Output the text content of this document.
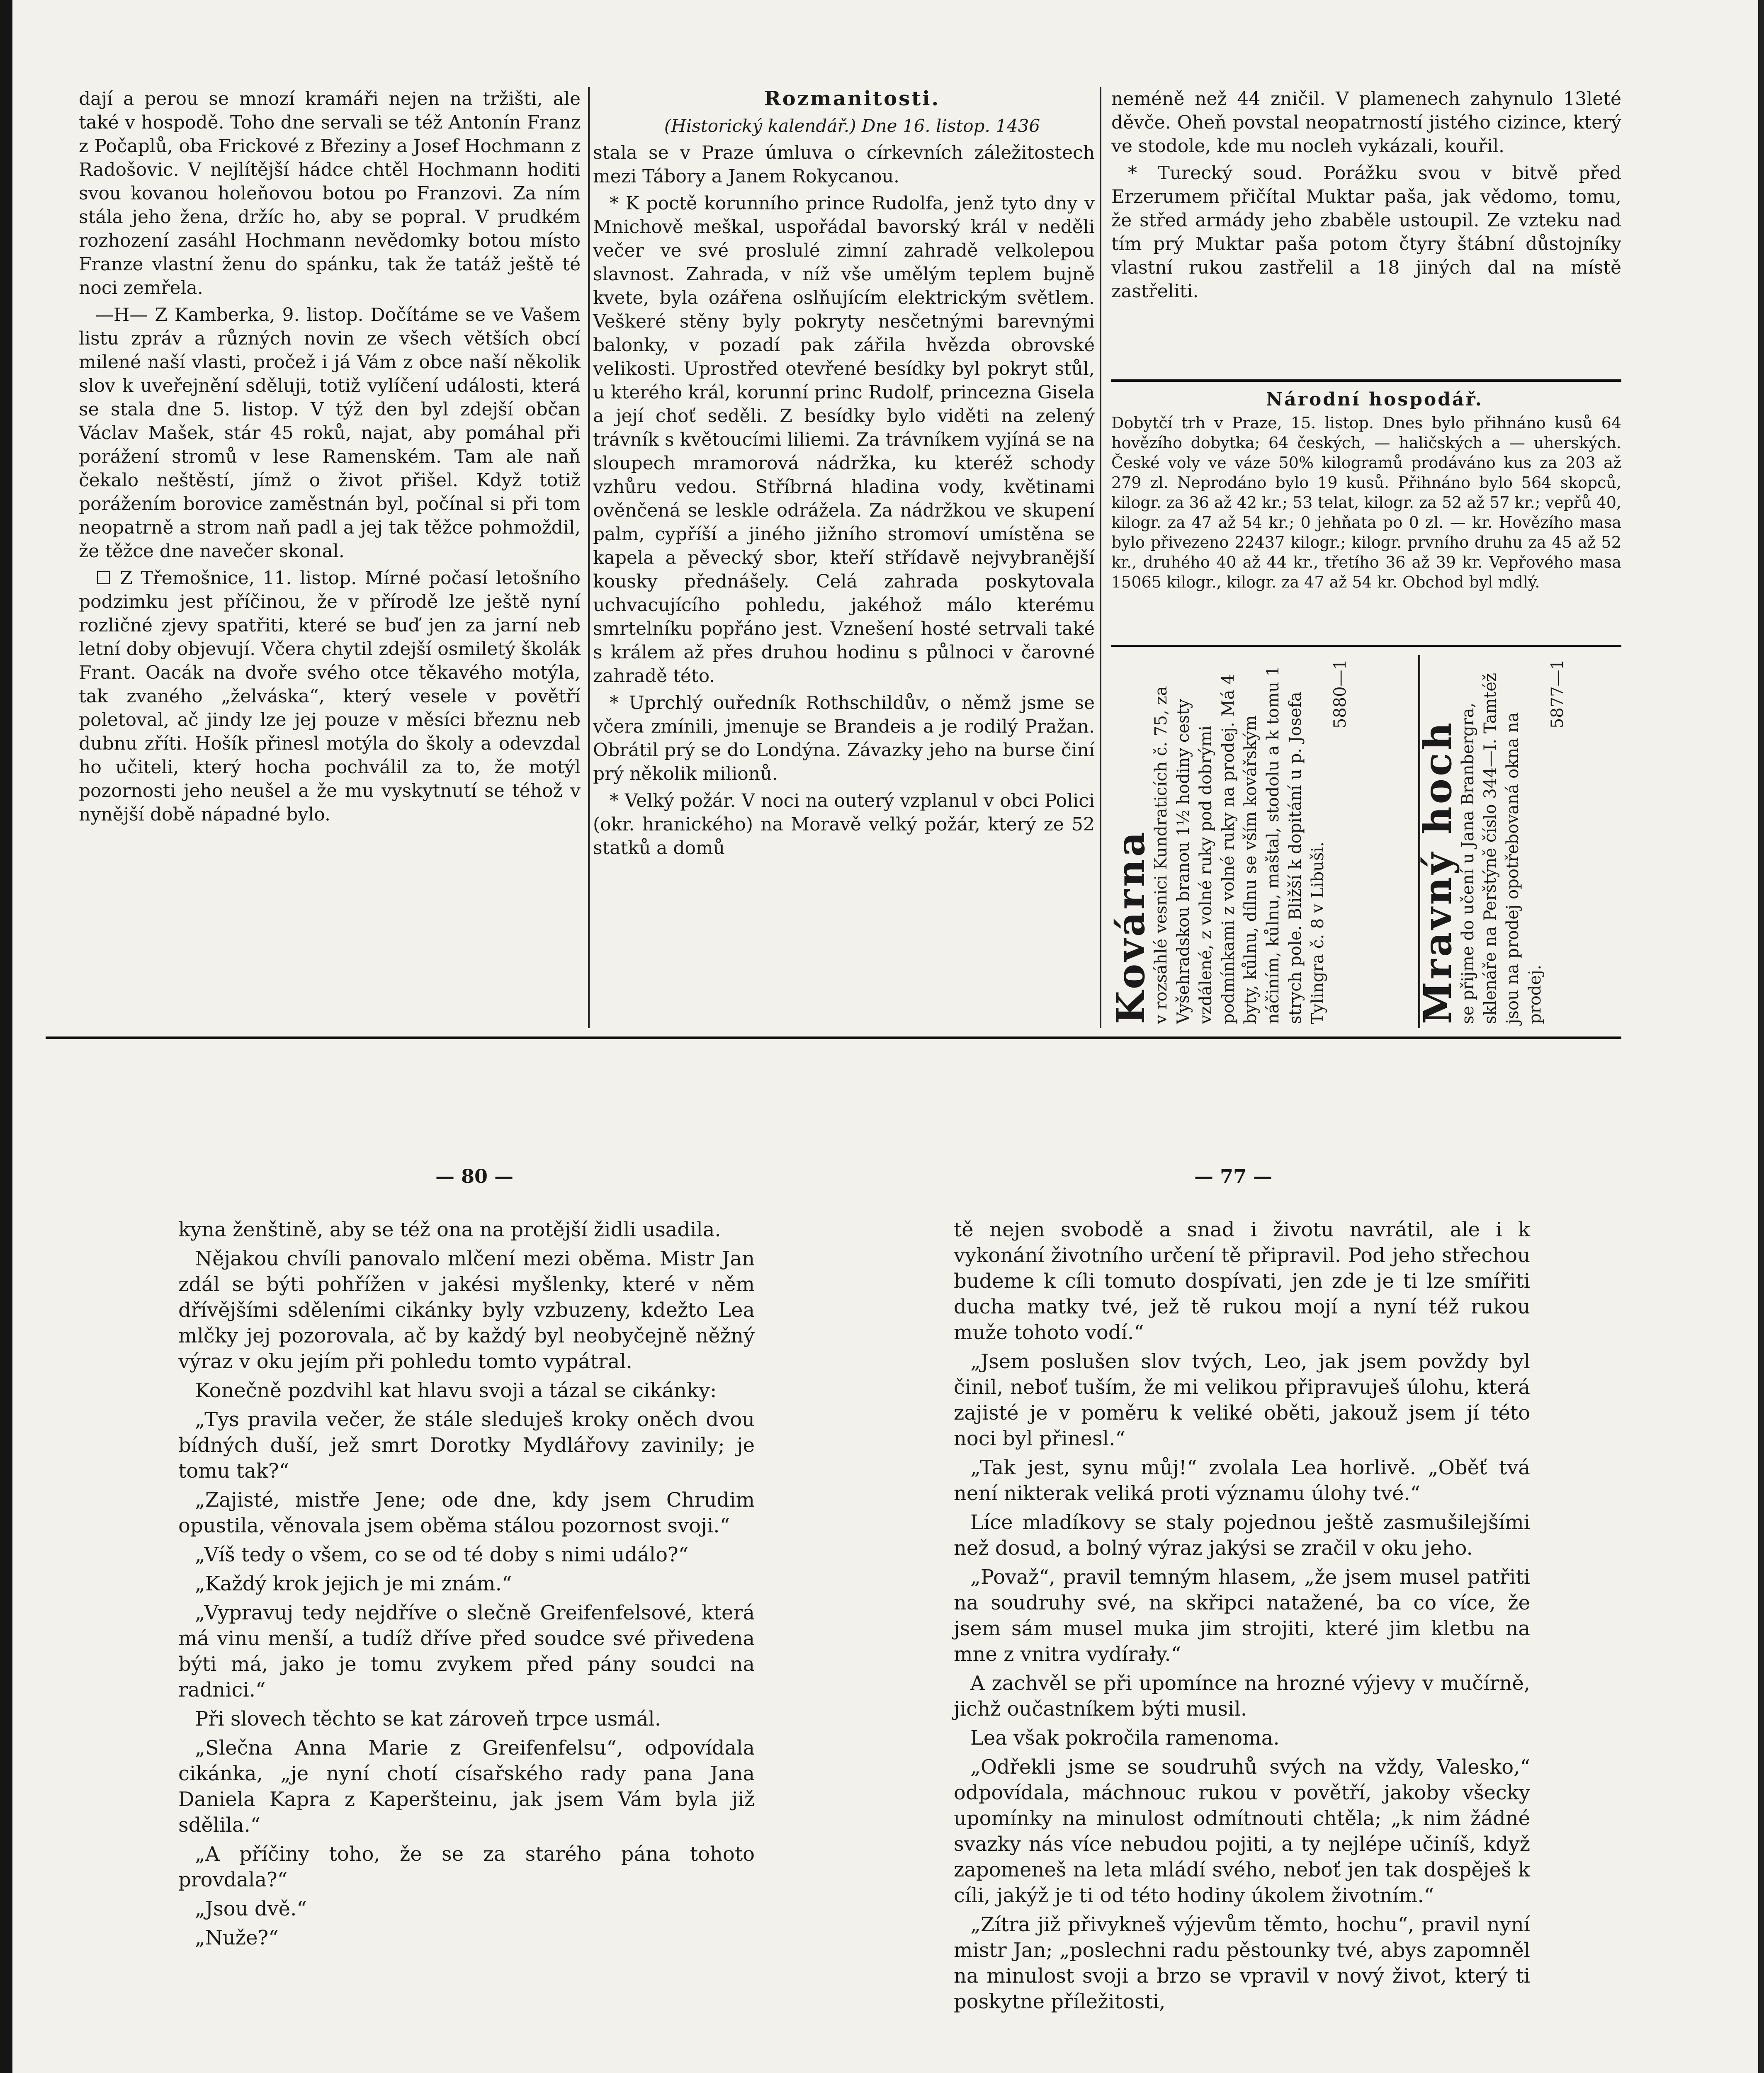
dají a perou se mnozí kramáři nejen na tržišti, ale také v hospodě. Toho dne servali se též Antonín Franz z Počaplů, oba Frickové z Březiny a Josef Hochmann z Radošovic. V nejlítější hádce chtěl Hochmann hoditi svou kovanou holeňovou botou po Franzovi. Za ním stála jeho žena, držíc ho, aby se popral. V prudkém rozhození zasáhl Hochmann nevědomky botou místo Franze vlastní ženu do spánku, tak že tatáž ještě té noci zemřela.

—H— Z Kamberka, 9. listop. Dočítáme se ve Vašem listu zpráv a různých novin ze všech větších obcí milené naší vlasti, pročež i já Vám z obce naší několik slov k uveřejnění sděluji, totiž vylíčení události, která se stala dne 5. listop. V týž den byl zdejší občan Václav Mašek, stár 45 roků, najat, aby pomáhal při porážení stromů v lese Ramenském. Tam ale naň čekalo neštěstí, jímž o život přišel. Když totiž porážením borovice zaměstnán byl, počínal si při tom neopatrně a strom naň padl a jej tak těžce pohmoždil, že těžce dne navečer skonal.

☐ Z Třemošnice, 11. listop. Mírné počasí letošního podzimku jest příčinou, že v přírodě lze ještě nyní rozličné zjevy spatřiti, které se buď jen za jarní neb letní doby objevují. Včera chytil zdejší osmiletý školák Frant. Oacák na dvoře svého otce těkavého motýla, tak zvaného „želváska“, který vesele v povětří poletoval, ač jindy lze jej pouze v měsíci březnu neb dubnu zříti. Hošík přinesl motýla do školy a odevzdal ho učiteli, který hocha pochválil za to, že motýl pozornosti jeho neušel a že mu vyskytnutí se téhož v nynější době nápadné bylo.

Rozmanitosti.

(Historický kalendář.) Dne 16. listop. 1436

stala se v Praze úmluva o církevních záležitostech mezi Tábory a Janem Rokycanou.

* K poctě korunního prince Rudolfa, jenž tyto dny v Mnichově meškal, uspořádal bavorský král v neděli večer ve své proslulé zimní zahradě velkolepou slavnost. Zahrada, v níž vše umělým teplem bujně kvete, byla ozářena oslňujícím elektrickým světlem. Veškeré stěny byly pokryty nesčetnými barevnými balonky, v pozadí pak zářila hvězda obrovské velikosti. Uprostřed otevřené besídky byl pokryt stůl, u kterého král, korunní princ Rudolf, princezna Gisela a její choť seděli. Z besídky bylo viděti na zelený trávník s květoucími liliemi. Za trávníkem vyjíná se na sloupech mramorová nádržka, ku kteréž schody vzhůru vedou. Stříbrná hladina vody, květinami ověnčená se leskle odrážela. Za nádržkou ve skupení palm, cypříší a jiného jižního stromoví umístěna se kapela a pěvecký sbor, kteří střídavě nejvybranější kousky přednášely. Celá zahrada poskytovala uchvacujícího pohledu, jakéhož málo kterému smrtelníku popřáno jest. Vznešení hosté setrvali také s králem až přes druhou hodinu s půlnoci v čarovné zahradě této.

* Uprchlý ouředník Rothschildův, o němž jsme se včera zmínili, jmenuje se Brandeis a je rodilý Pražan. Obrátil prý se do Londýna. Závazky jeho na burse činí prý několik milionů.

* Velký požár. V noci na outerý vzplanul v obci Polici (okr. hranického) na Moravě velký požár, který ze 52 statků a domů

neméně než 44 zničil. V plamenech zahynulo 13leté děvče. Oheň povstal neopatrností jistého cizince, který ve stodole, kde mu nocleh vykázali, kouřil.

* Turecký soud. Porážku svou v bitvě před Erzerumem přičítal Muktar paša, jak vědomo, tomu, že střed armády jeho zbaběle ustoupil. Ze vzteku nad tím prý Muktar paša potom čtyry štábní důstojníky vlastní rukou zastřelil a 18 jiných dal na místě zastřeliti.

Národní hospodář.

Dobytčí trh v Praze, 15. listop. Dnes bylo přihnáno kusů 64 hovězího dobytka; 64 českých, — haličských a — uherských. České voly ve váze 50% kilogramů prodáváno kus za 203 až 279 zl. Neprodáno bylo 19 kusů. Přihnáno bylo 564 skopců, kilogr. za 36 až 42 kr.; 53 telat, kilogr. za 52 až 57 kr.; vepřů 40, kilogr. za 47 až 54 kr.; 0 jehňata po 0 zl. — kr. Hovězího masa bylo přivezeno 22437 kilogr.; kilogr. prvního druhu za 45 až 52 kr., druhého 40 až 44 kr., třetího 36 až 39 kr. Vepřového masa 15065 kilogr., kilogr. za 47 až 54 kr. Obchod byl mdlý.

Kovárna
v rozsáhlé vesnici Kundraticích č. 75, za Vyšehradskou branou 1½ hodiny cesty vzdálené, z volné ruky pod dobrými podmínkami z volné ruky na prodej. Má 4 byty, kůlnu, dílnu se vším kovářským náčiním, kůlnu, maštal, stodolu a k tomu 1 strych pole. Bližší k dopitání u p. Josefa Tylingra č. 8 v Libuši.
5880—1
Mravný hoch
se přijme do učení u Jana Branbergra, sklenáře na Perštýně číslo 344—I. Tamtéž jsou na prodej opotřebovaná okna na prodej.
5877—1
— 80 —	— 77 —

kyna ženštině, aby se též ona na protější židli usadila.

Nějakou chvíli panovalo mlčení mezi oběma. Mistr Jan zdál se býti pohřížen v jakési myšlenky, které v něm dřívějšími sděleními cikánky byly vzbuzeny, kdežto Lea mlčky jej pozorovala, ač by každý byl neobyčejně něžný výraz v oku jejím při pohledu tomto vypátral.

Konečně pozdvihl kat hlavu svoji a tázal se cikánky:

„Tys pravila večer, že stále sleduješ kroky oněch dvou bídných duší, jež smrt Dorotky Mydlářovy zavinily; je tomu tak?“

„Zajisté, mistře Jene; ode dne, kdy jsem Chrudim opustila, věnovala jsem oběma stálou pozornost svoji.“

„Víš tedy o všem, co se od té doby s nimi událo?“

„Každý krok jejich je mi znám.“

„Vypravuj tedy nejdříve o slečně Greifenfelsové, která má vinu menší, a tudíž dříve před soudce své přivedena býti má, jako je tomu zvykem před pány soudci na radnici.“

Při slovech těchto se kat zároveň trpce usmál.

„Slečna Anna Marie z Greifenfelsu“, odpovídala cikánka, „je nyní chotí císařského rady pana Jana Daniela Kapra z Kaperšteinu, jak jsem Vám byla již sdělila.“

„A příčiny toho, že se za starého pána tohoto provdala?“

„Jsou dvě.“

„Nuže?“

tě nejen svobodě a snad i životu navrátil, ale i k vykonání životního určení tě připravil. Pod jeho střechou budeme k cíli tomuto dospívati, jen zde je ti lze smířiti ducha matky tvé, jež tě rukou mojí a nyní též rukou muže tohoto vodí.“

„Jsem poslušen slov tvých, Leo, jak jsem povždy byl činil, neboť tuším, že mi velikou připravuješ úlohu, která zajisté je v poměru k veliké oběti, jakouž jsem jí této noci byl přinesl.“

„Tak jest, synu můj!“ zvolala Lea horlivě. „Oběť tvá není nikterak veliká proti významu úlohy tvé.“

Líce mladíkovy se staly pojednou ještě zasmušilejšími než dosud, a bolný výraz jakýsi se zračil v oku jeho.

„Považ“, pravil temným hlasem, „že jsem musel patřiti na soudruhy své, na skřipci natažené, ba co více, že jsem sám musel muka jim strojiti, které jim kletbu na mne z vnitra vydírały.“

A zachvěl se při upomínce na hrozné výjevy v mučírně, jichž oučastníkem býti musil.

Lea však pokročila ramenoma.

„Odřekli jsme se soudruhů svých na vždy, Valesko,“ odpovídala, máchnouc rukou v povětří, jakoby všecky upomínky na minulost odmítnouti chtěla; „k nim žádné svazky nás více nebudou pojiti, a ty nejlépe učiníš, když zapomeneš na leta mládí svého, neboť jen tak dospěješ k cíli, jakýž je ti od této hodiny úkolem životním.“

„Zítra již přivykneš výjevům těmto, hochu“, pravil nyní mistr Jan; „poslechni radu pěstounky tvé, abys zapomněl na minulost svoji a brzo se vpravil v nový život, který ti poskytne příležitosti,
